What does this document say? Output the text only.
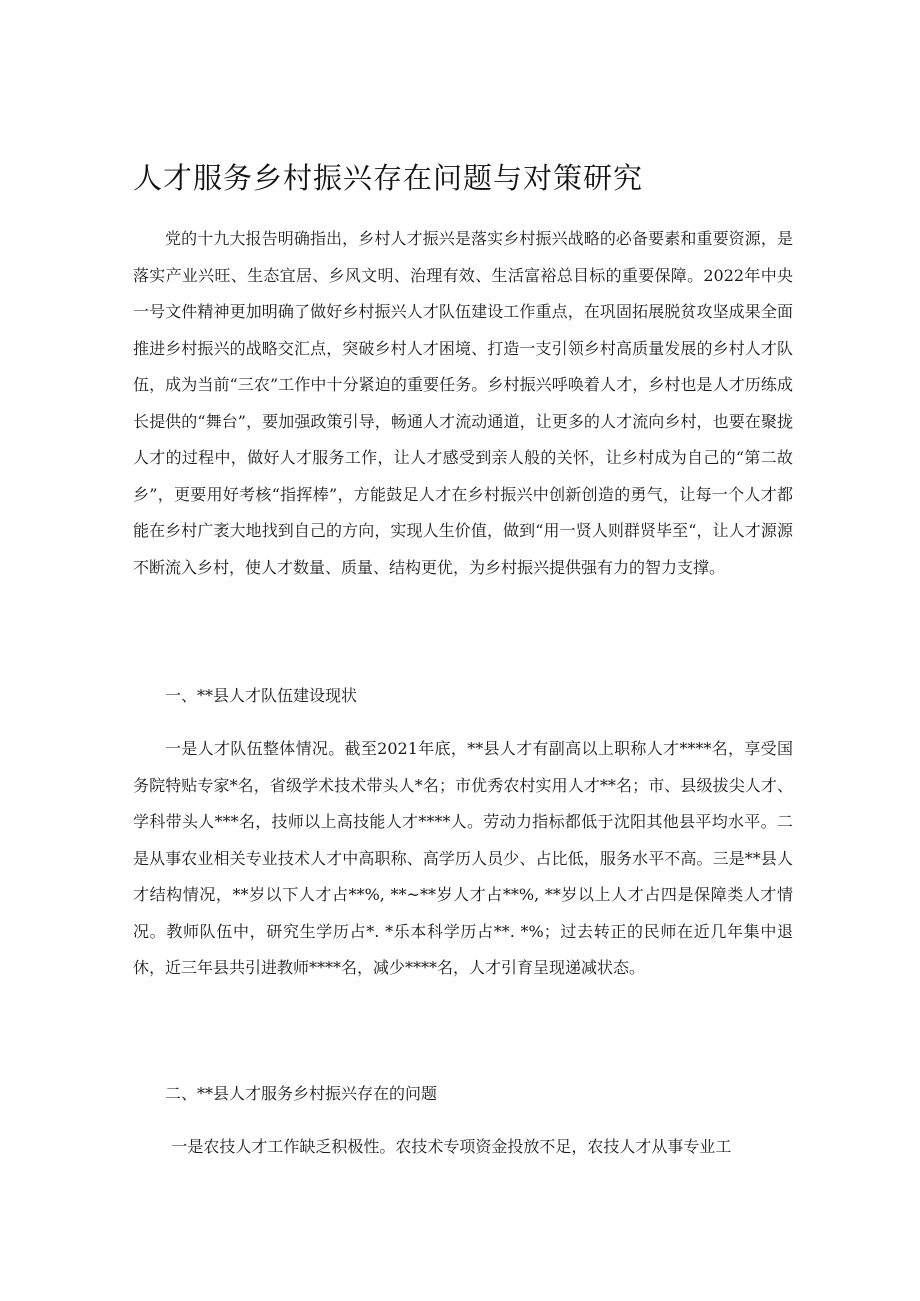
人才服务乡村振兴存在问题与对策研究

党的十九大报告明确指出，乡村人才振兴是落实乡村振兴战略的必备要素和重要资源，是落实产业兴旺、生态宜居、乡风文明、治理有效、生活富裕总目标的重要保障。2022年中央一号文件精神更加明确了做好乡村振兴人才队伍建设工作重点，在巩固拓展脱贫攻坚成果全面推进乡村振兴的战略交汇点，突破乡村人才困境、打造一支引领乡村高质量发展的乡村人才队伍，成为当前“三农”工作中十分紧迫的重要任务。乡村振兴呼唤着人才，乡村也是人才历练成长提供的“舞台”，要加强政策引导，畅通人才流动通道，让更多的人才流向乡村，也要在聚拢人才的过程中，做好人才服务工作，让人才感受到亲人般的关怀，让乡村成为自己的“第二故乡”，更要用好考核“指挥棒”，方能鼓足人才在乡村振兴中创新创造的勇气，让每一个人才都能在乡村广袤大地找到自己的方向，实现人生价值，做到“用一贤人则群贤毕至“，让人才源源不断流入乡村，使人才数量、质量、结构更优，为乡村振兴提供强有力的智力支撑。

一、**县人才队伍建设现状

一是人才队伍整体情况。截至2021年底，**县人才有副高以上职称人才****名，享受国务院特贴专家*名，省级学术技术带头人*名；市优秀农村实用人才**名；市、县级拔尖人才、学科带头人***名，技师以上高技能人才****人。劳动力指标都低于沈阳其他县平均水平。二是从事农业相关专业技术人才中高职称、高学历人员少、占比低，服务水平不高。三是**县人才结构情况，**岁以下人才占**%, **~**岁人才占**%, **岁以上人才占四是保障类人才情况。教师队伍中，研究生学历占*. *乐本科学历占**. *%；过去转正的民师在近几年集中退休，近三年县共引进教师****名，减少****名，人才引育呈现递减状态。

二、**县人才服务乡村振兴存在的问题

一是农技人才工作缺乏积极性。农技术专项资金投放不足，农技人才从事专业工
